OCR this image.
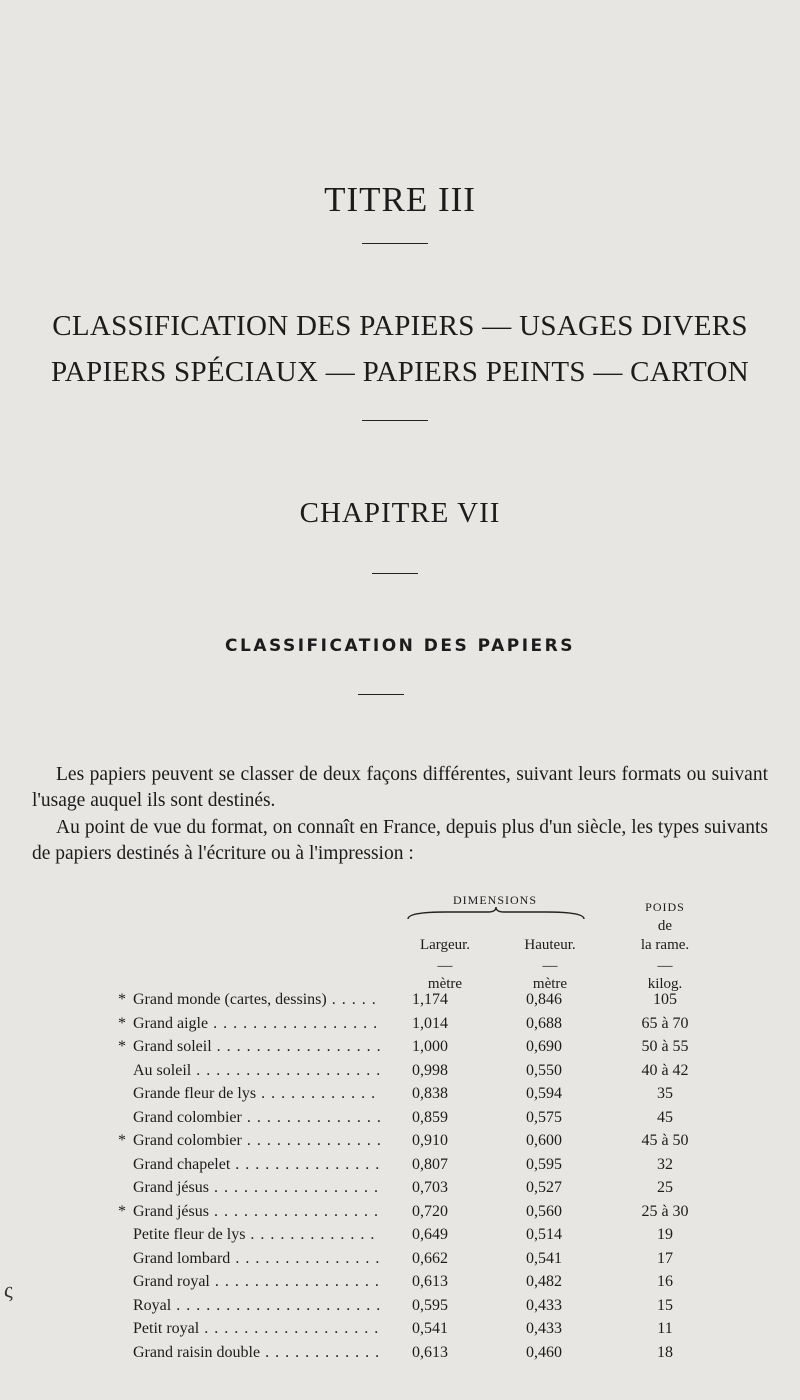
TITRE III
CLASSIFICATION DES PAPIERS — USAGES DIVERS
PAPIERS SPÉCIAUX — PAPIERS PEINTS — CARTON
CHAPITRE VII
CLASSIFICATION DES PAPIERS
Les papiers peuvent se classer de deux façons différentes, suivant leurs formats ou suivant l'usage auquel ils sont destinés.
Au point de vue du format, on connaît en France, depuis plus d'un siècle, les types suivants de papiers destinés à l'écriture ou à l'impression :
DIMENSIONS	POIDS
de
Largeur.	Hauteur.	la rame.
—	—	—
mètre	mètre	kilog.
* Grand monde (cartes, dessins) . . .	1,174	0,846	105
* Grand aigle . . .	1,014	0,688	65 à 70
* Grand soleil . . .	1,000	0,690	50 à 55
Au soleil . . .	0,998	0,550	40 à 42
Grande fleur de lys . . .	0,838	0,594	35
Grand colombier . . .	0,859	0,575	45
* Grand colombier . . .	0,910	0,600	45 à 50
Grand chapelet . . .	0,807	0,595	32
Grand jésus . . .	0,703	0,527	25
* Grand jésus . . .	0,720	0,560	25 à 30
Petite fleur de lys . . .	0,649	0,514	19
Grand lombard . . .	0,662	0,541	17
Grand royal . . .	0,613	0,482	16
Royal . . .	0,595	0,433	15
Petit royal . . .	0,541	0,433	11
Grand raisin double . . .	0,613	0,460	18
ς
